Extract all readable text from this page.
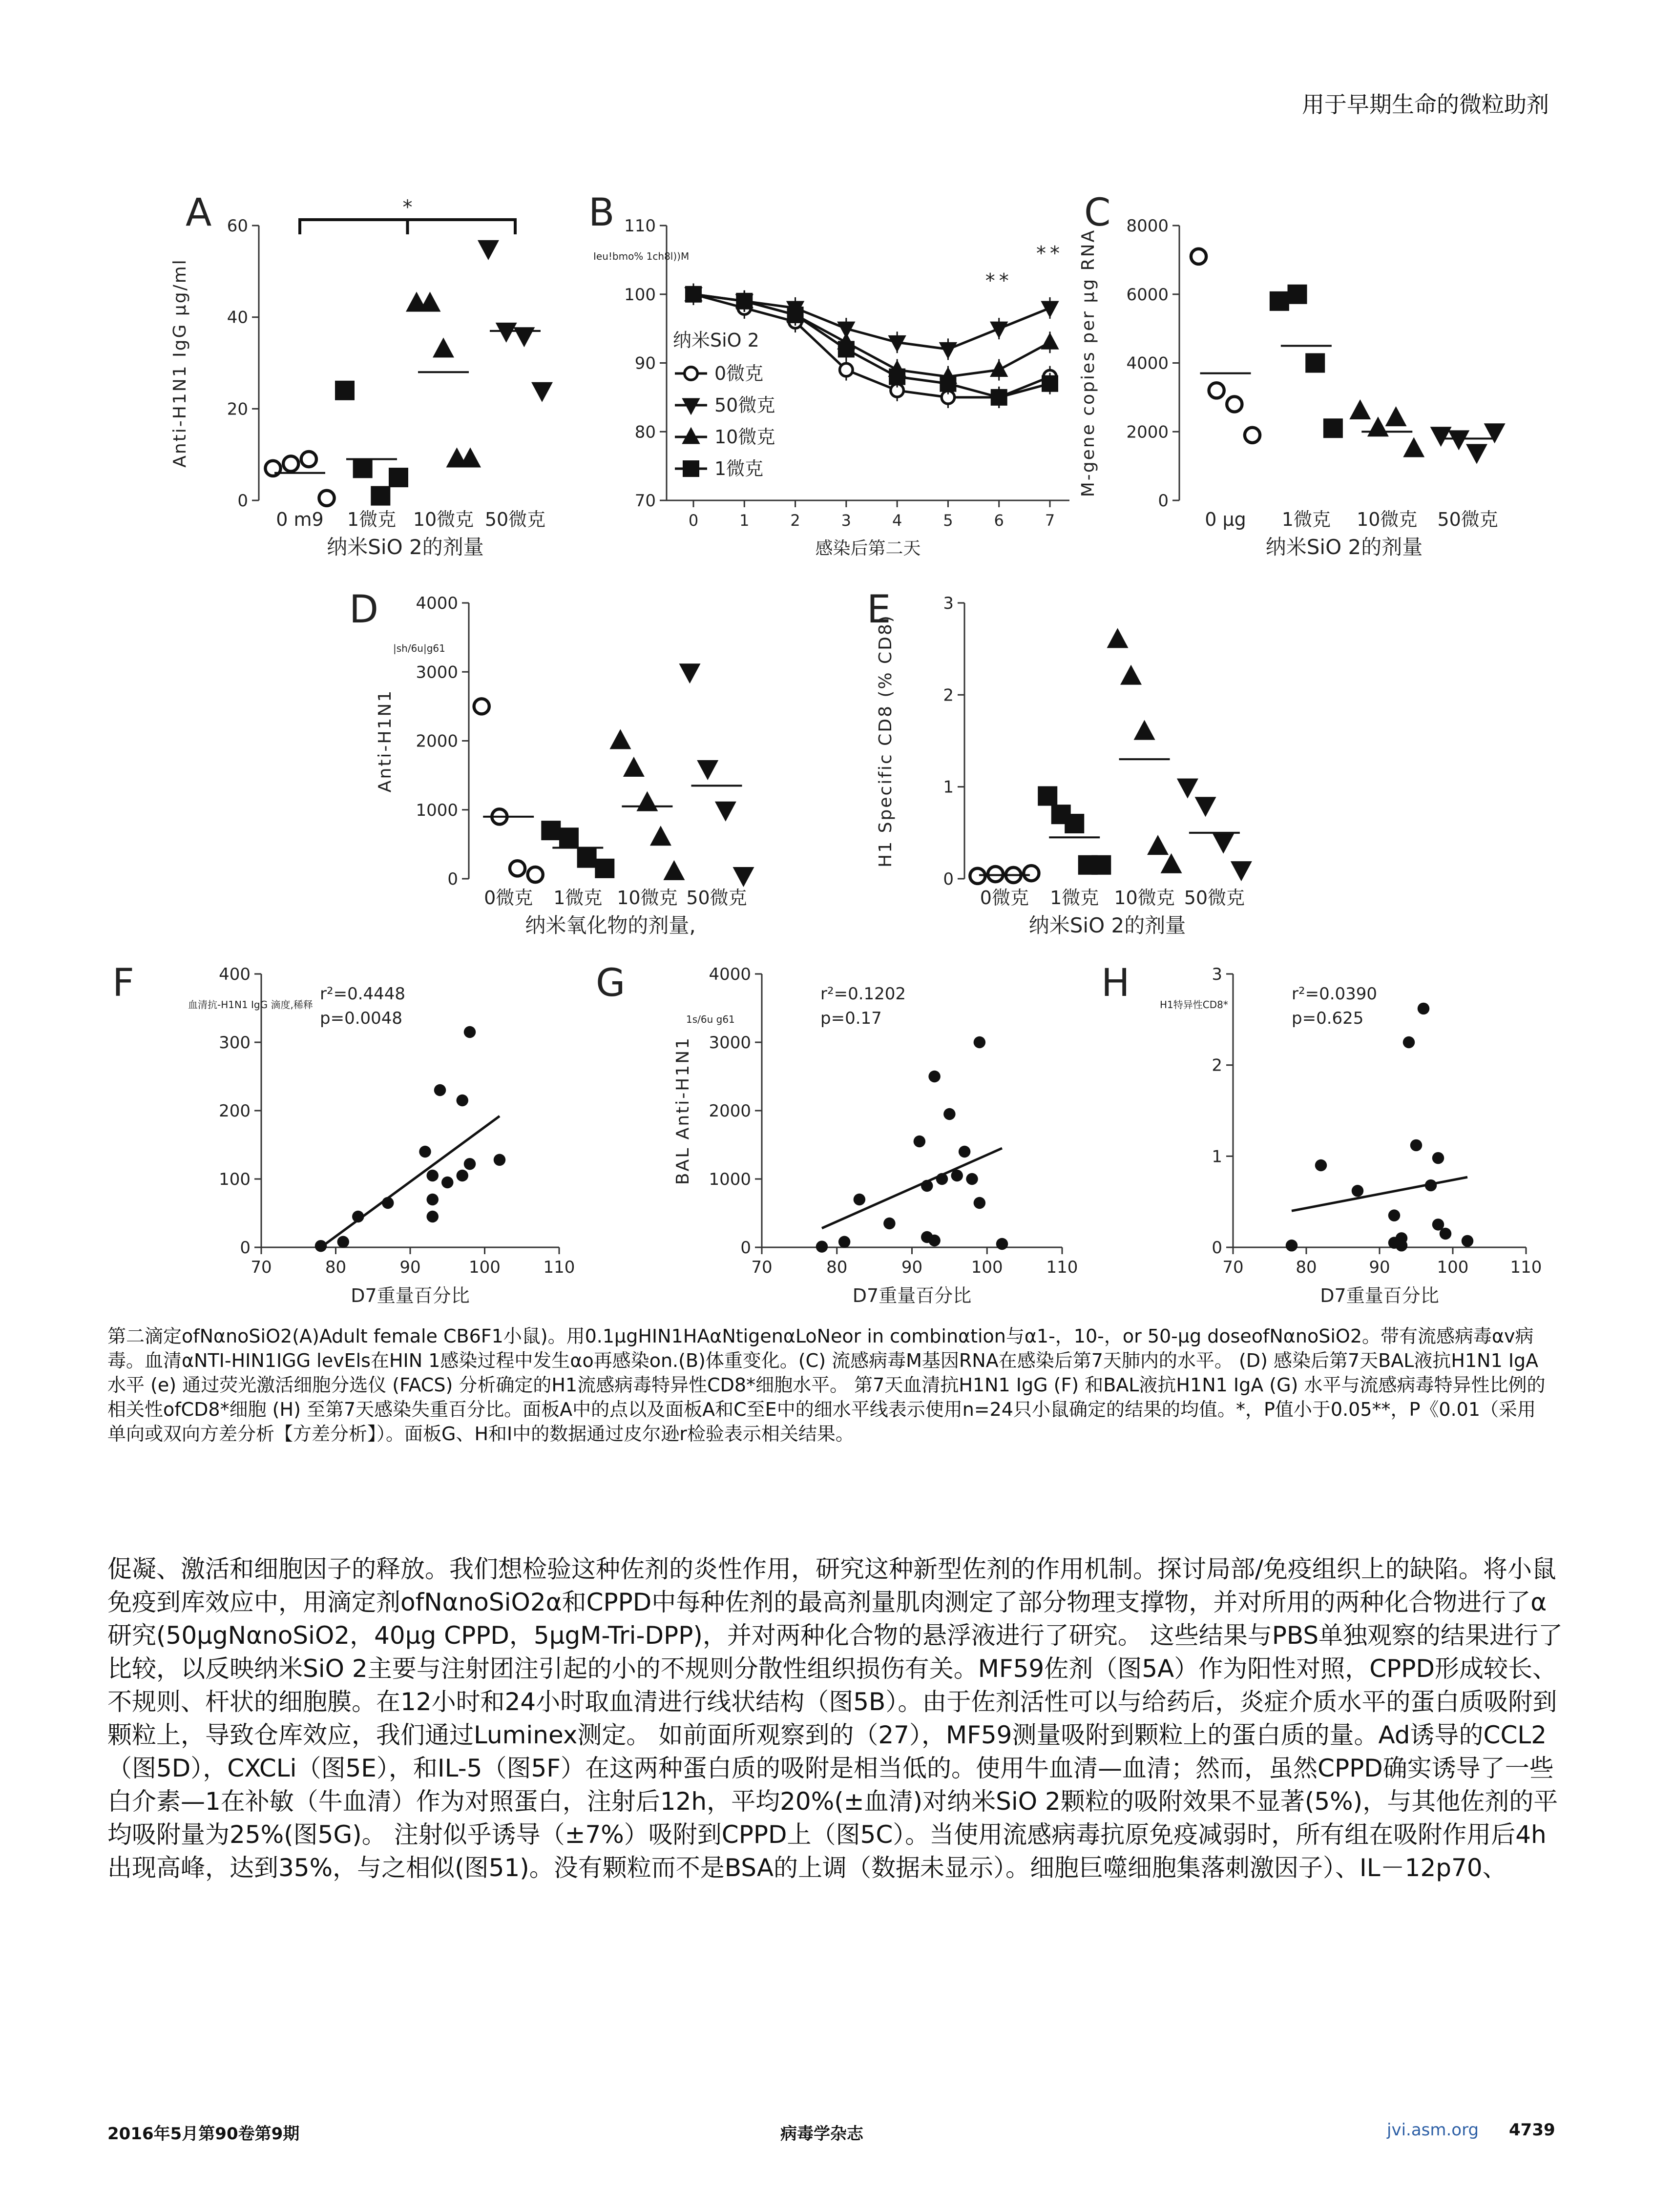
用于早期生命的微粒助剂
A
0
20
40
60
Anti-H1N1 IgG μg/ml
0 m9 1微克 10微克 50微克
纳米SiO 2的剂量
*	B
70
80
90
100
110
Ieu!bmo% 1ch8l))M
0	1	2	3	4	5	6	7
感染后第二天
纳米SiO 2
0微克
50微克
10微克
1微克
**
**
C
0
2000
4000
6000
8000
M-gene copies per μg RNA
0 μg 1微克 10微克 50微克
纳米SiO 2的剂量
D
0
1000
2000
3000
4000
Anti-H1N1
|sh/6u|g61
0微克 1微克 10微克 50微克
纳米氧化物的剂量,
E
0
1
2
3
H1 Specific CD8 (% CD8)
0微克 1微克 10微克 50微克
纳米SiO 2的剂量
F
0
100
200
300
400
血清抗-H1N1 IgG 滴度,稀释
70	80	90	100	110
D7重量百分比
r²=0.4448
p=0.0048
G
0
1000
2000
3000
4000
BAL Anti-H1N1
1s/6u g61
70	80	90	100	110
D7重量百分比
r²=0.1202
p=0.17
H
0
1
2
3
H1特异性CD8*
70	80	90	100	110
D7重量百分比
r²=0.0390
p=0.625
第二滴定ofNαnoSiO2(A)Adult female CB6F1小鼠)。用0.1μgHIN1HAαNtigenαLoNeor in combinαtion与α1-，10-，or 50-μg doseofNαnoSiO2。带有流感病毒αv病毒。血清αNTI-HIN1IGG levEls在HIN 1感染过程中发生αo再感染on.(B)体重变化。(C) 流感病毒M基因RNA在感染后第7天肺内的水平。 (D) 感染后第7天BAL液抗H1N1 IgA水平 (e) 通过荧光激活细胞分选仪 (FACS) 分析确定的H1流感病毒特异性CD8*细胞水平。 第7天血清抗H1N1 IgG (F) 和BAL液抗H1N1 IgA (G) 水平与流感病毒特异性比例的相关性ofCD8*细胞 (H) 至第7天感染失重百分比。面板A中的点以及面板A和C至E中的细水平线表示使用n=24只小鼠确定的结果的均值。*，P值小于0.05**，P《0.01（采用单向或双向方差分析【方差分析】）。面板G、H和I中的数据通过皮尔逊r检验表示相关结果。
促凝、激活和细胞因子的释放。我们想检验这种佐剂的炎性作用，研究这种新型佐剂的作用机制。探讨局部/免疫组织上的缺陷。将小鼠免疫到库效应中，用滴定剂ofNαnoSiO2α和CPPD中每种佐剂的最高剂量肌肉测定了部分物理支撑物，并对所用的两种化合物进行了α研究(50μgNαnoSiO2，40μg CPPD，5μgM-Tri-DPP)，并对两种化合物的悬浮液进行了研究。 这些结果与PBS单独观察的结果进行了比较，以反映纳米SiO 2主要与注射团注引起的小的不规则分散性组织损伤有关。MF59佐剂（图5A）作为阳性对照，CPPD形成较长、不规则、杆状的细胞膜。在12小时和24小时取血清进行线状结构（图5B）。由于佐剂活性可以与给药后，炎症介质水平的蛋白质吸附到颗粒上，导致仓库效应，我们通过Luminex测定。 如前面所观察到的（27），MF59测量吸附到颗粒上的蛋白质的量。Ad诱导的CCL2（图5D），CXCLi（图5E），和IL-5（图5F）在这两种蛋白质的吸附是相当低的。使用牛血清—血清；然而，虽然CPPD确实诱导了一些白介素—1在补敏（牛血清）作为对照蛋白，注射后12h，平均20%(±血清)对纳米SiO 2颗粒的吸附效果不显著(5%)，与其他佐剂的平均吸附量为25%(图5G)。 注射似乎诱导（±7%）吸附到CPPD上（图5C）。当使用流感病毒抗原免疫减弱时，所有组在吸附作用后4h出现高峰，达到35%，与之相似(图51)。没有颗粒而不是BSA的上调（数据未显示）。细胞巨噬细胞集落刺激因子）、IL－12p70、
2016年5月第90卷第9期	病毒学杂志	jvi.asm.org 4739
